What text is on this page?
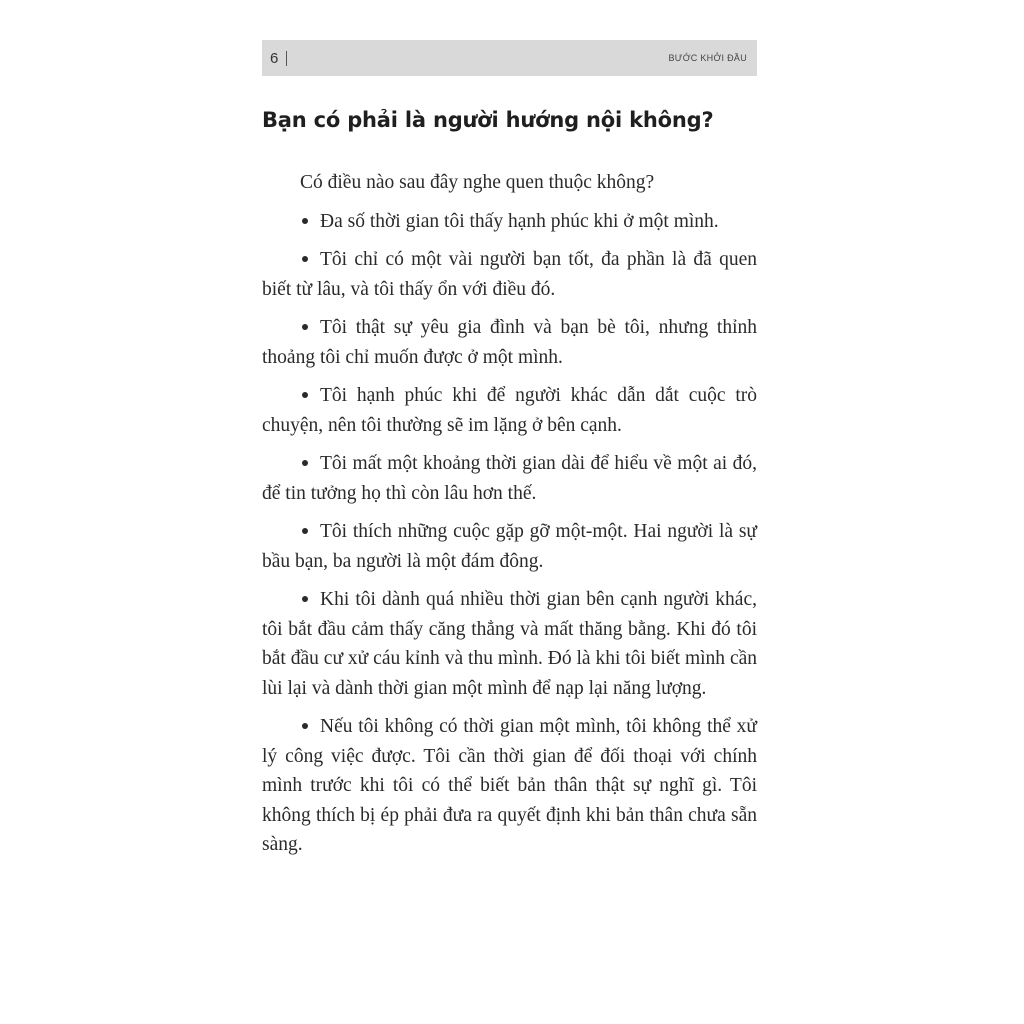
6	BƯỚC KHỞI ĐẦU
Bạn có phải là người hướng nội không?

Có điều nào sau đây nghe quen thuộc không?

Đa số thời gian tôi thấy hạnh phúc khi ở một mình.

Tôi chỉ có một vài người bạn tốt, đa phần là đã quen biết từ lâu, và tôi thấy ổn với điều đó.

Tôi thật sự yêu gia đình và bạn bè tôi, nhưng thỉnh thoảng tôi chỉ muốn được ở một mình.

Tôi hạnh phúc khi để người khác dẫn dắt cuộc trò chuyện, nên tôi thường sẽ im lặng ở bên cạnh.

Tôi mất một khoảng thời gian dài để hiểu về một ai đó, để tin tưởng họ thì còn lâu hơn thế.

Tôi thích những cuộc gặp gỡ một-một. Hai người là sự bầu bạn, ba người là một đám đông.

Khi tôi dành quá nhiều thời gian bên cạnh người khác, tôi bắt đầu cảm thấy căng thẳng và mất thăng bằng. Khi đó tôi bắt đầu cư xử cáu kỉnh và thu mình. Đó là khi tôi biết mình cần lùi lại và dành thời gian một mình để nạp lại năng lượng.

Nếu tôi không có thời gian một mình, tôi không thể xử lý công việc được. Tôi cần thời gian để đối thoại với chính mình trước khi tôi có thể biết bản thân thật sự nghĩ gì. Tôi không thích bị ép phải đưa ra quyết định khi bản thân chưa sẵn sàng.
